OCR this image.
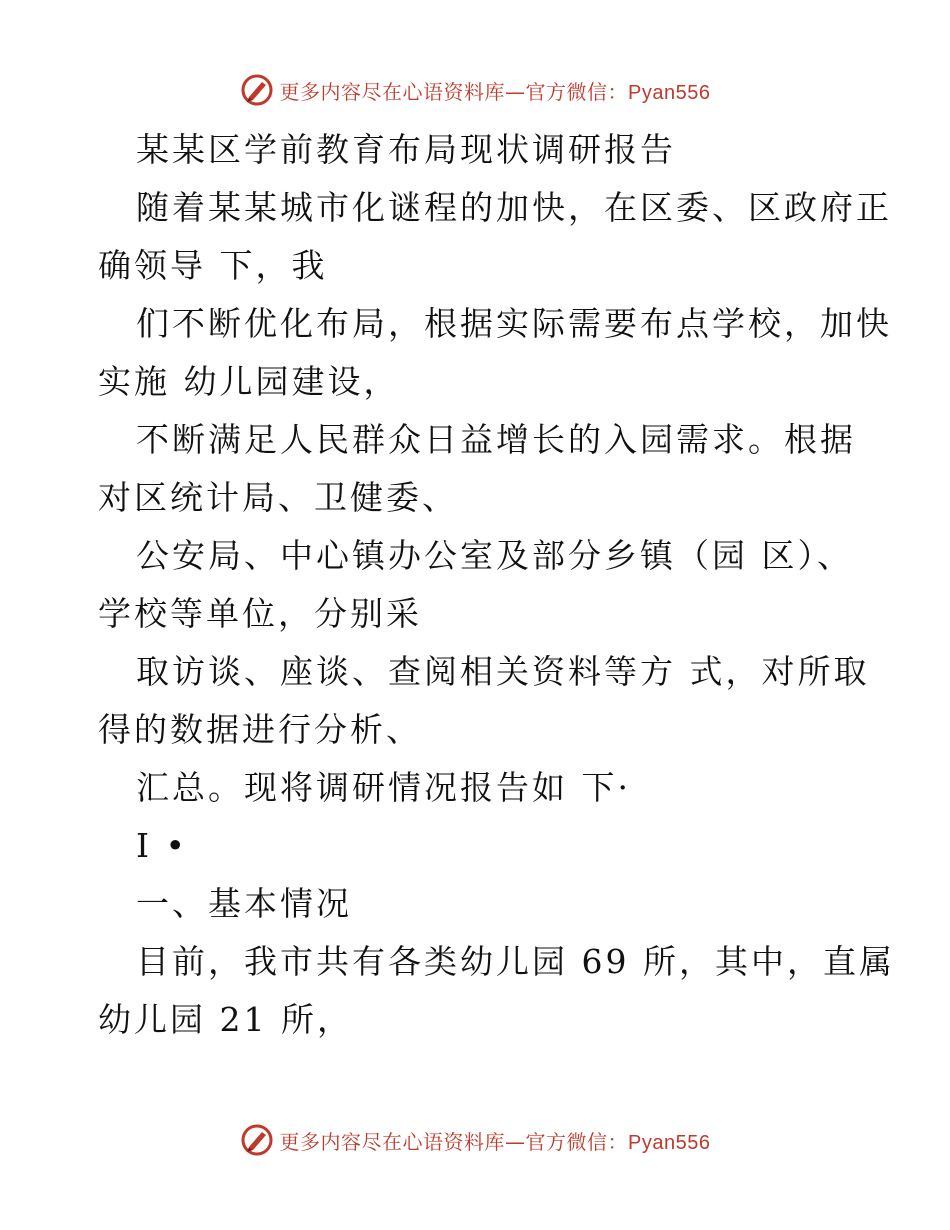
更多内容尽在心语资料库—官方微信：Pyan556

某某区学前教育布局现状调研报告

随着某某城市化谜程的加快，在区委、区政府正

确领导 下，我

们不断优化布局，根据实际需要布点学校，加快

实施 幼儿园建设，

不断满足人民群众日益增长的入园需求。根据

对区统计局、卫健委、

公安局、中心镇办公室及部分乡镇（园 区）、

学校等单位，分别采

取访谈、座谈、查阅相关资料等方 式，对所取

得的数据进行分析、

汇总。现将调研情况报告如 下·

I •

一、基本情况

目前，我市共有各类幼儿园 69 所，其中，直属

幼儿园 21 所，

更多内容尽在心语资料库—官方微信：Pyan556
